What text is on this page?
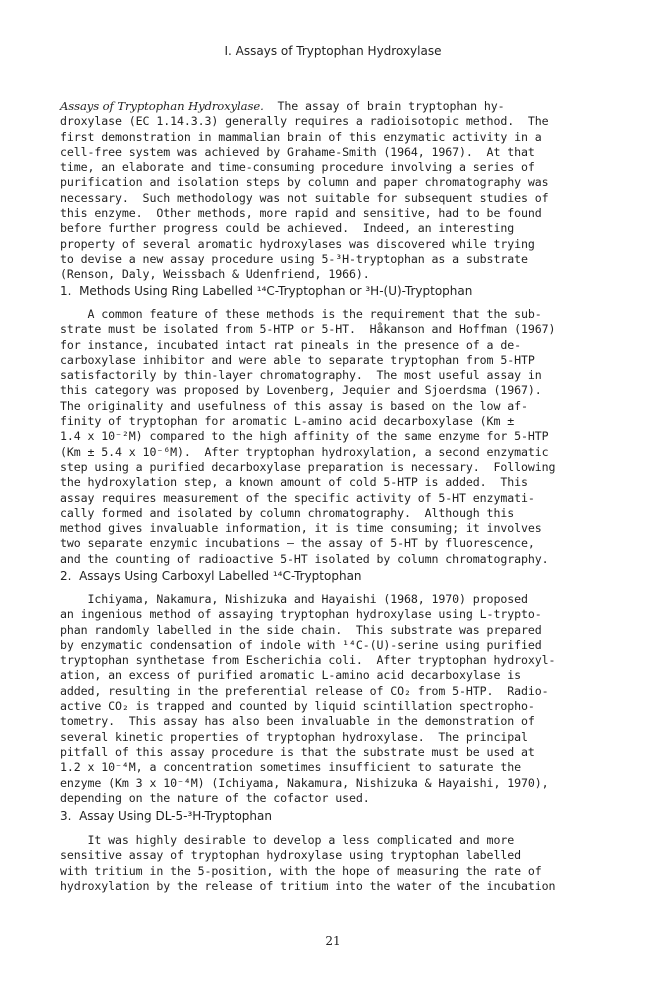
I. Assays of Tryptophan Hydroxylase
Assays of Tryptophan Hydroxylase.  The assay of brain tryptophan hy-
droxylase (EC 1.14.3.3) generally requires a radioisotopic method.  The
first demonstration in mammalian brain of this enzymatic activity in a
cell-free system was achieved by Grahame-Smith (1964, 1967).  At that
time, an elaborate and time-consuming procedure involving a series of
purification and isolation steps by column and paper chromatography was
necessary.  Such methodology was not suitable for subsequent studies of
this enzyme.  Other methods, more rapid and sensitive, had to be found
before further progress could be achieved.  Indeed, an interesting
property of several aromatic hydroxylases was discovered while trying
to devise a new assay procedure using 5-³H-tryptophan as a substrate
(Renson, Daly, Weissbach & Udenfriend, 1966).
1.  Methods Using Ring Labelled ¹⁴C-Tryptophan or ³H-(U)-Tryptophan
A common feature of these methods is the requirement that the sub-
strate must be isolated from 5-HTP or 5-HT.  Håkanson and Hoffman (1967)
for instance, incubated intact rat pineals in the presence of a de-
carboxylase inhibitor and were able to separate tryptophan from 5-HTP
satisfactorily by thin-layer chromatography.  The most useful assay in
this category was proposed by Lovenberg, Jequier and Sjoerdsma (1967).
The originality and usefulness of this assay is based on the low af-
finity of tryptophan for aromatic L-amino acid decarboxylase (Km ±
1.4 x 10⁻²M) compared to the high affinity of the same enzyme for 5-HTP
(Km ± 5.4 x 10⁻⁶M).  After tryptophan hydroxylation, a second enzymatic
step using a purified decarboxylase preparation is necessary.  Following
the hydroxylation step, a known amount of cold 5-HTP is added.  This
assay requires measurement of the specific activity of 5-HT enzymati-
cally formed and isolated by column chromatography.  Although this
method gives invaluable information, it is time consuming; it involves
two separate enzymic incubations — the assay of 5-HT by fluorescence,
and the counting of radioactive 5-HT isolated by column chromatography.
2.  Assays Using Carboxyl Labelled ¹⁴C-Tryptophan
Ichiyama, Nakamura, Nishizuka and Hayaishi (1968, 1970) proposed
an ingenious method of assaying tryptophan hydroxylase using L-trypto-
phan randomly labelled in the side chain.  This substrate was prepared
by enzymatic condensation of indole with ¹⁴C-(U)-serine using purified
tryptophan synthetase from Escherichia coli.  After tryptophan hydroxyl-
ation, an excess of purified aromatic L-amino acid decarboxylase is
added, resulting in the preferential release of CO₂ from 5-HTP.  Radio-
active CO₂ is trapped and counted by liquid scintillation spectropho-
tometry.  This assay has also been invaluable in the demonstration of
several kinetic properties of tryptophan hydroxylase.  The principal
pitfall of this assay procedure is that the substrate must be used at
1.2 x 10⁻⁴M, a concentration sometimes insufficient to saturate the
enzyme (Km 3 x 10⁻⁴M) (Ichiyama, Nakamura, Nishizuka & Hayaishi, 1970),
depending on the nature of the cofactor used.
3.  Assay Using DL-5-³H-Tryptophan
It was highly desirable to develop a less complicated and more
sensitive assay of tryptophan hydroxylase using tryptophan labelled
with tritium in the 5-position, with the hope of measuring the rate of
hydroxylation by the release of tritium into the water of the incubation
21
